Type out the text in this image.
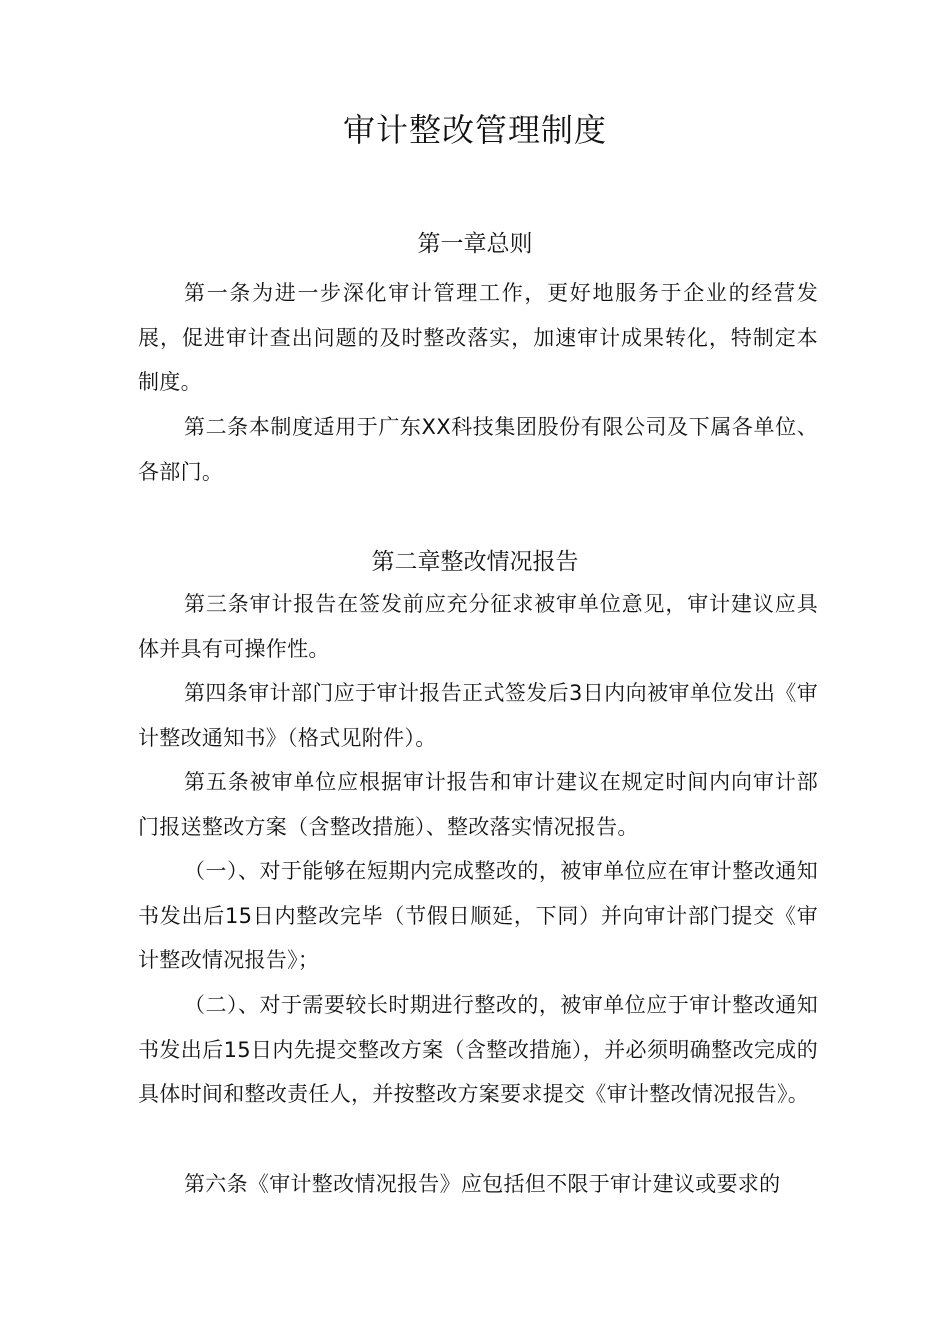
审计整改管理制度
第一章总则

第一条为进一步深化审计管理工作，更好地服务于企业的经营发展，促进审计查出问题的及时整改落实，加速审计成果转化，特制定本制度。

第二条本制度适用于广东XX科技集团股份有限公司及下属各单位、各部门。

第二章整改情况报告

第三条审计报告在签发前应充分征求被审单位意见，审计建议应具体并具有可操作性。

第四条审计部门应于审计报告正式签发后3日内向被审单位发出《审计整改通知书》（格式见附件）。

第五条被审单位应根据审计报告和审计建议在规定时间内向审计部门报送整改方案（含整改措施）、整改落实情况报告。

（一）、对于能够在短期内完成整改的，被审单位应在审计整改通知书发出后15日内整改完毕（节假日顺延，下同）并向审计部门提交《审计整改情况报告》；

（二）、对于需要较长时期进行整改的，被审单位应于审计整改通知书发出后15日内先提交整改方案（含整改措施），并必须明确整改完成的具体时间和整改责任人，并按整改方案要求提交《审计整改情况报告》。

第六条《审计整改情况报告》应包括但不限于审计建议或要求的
